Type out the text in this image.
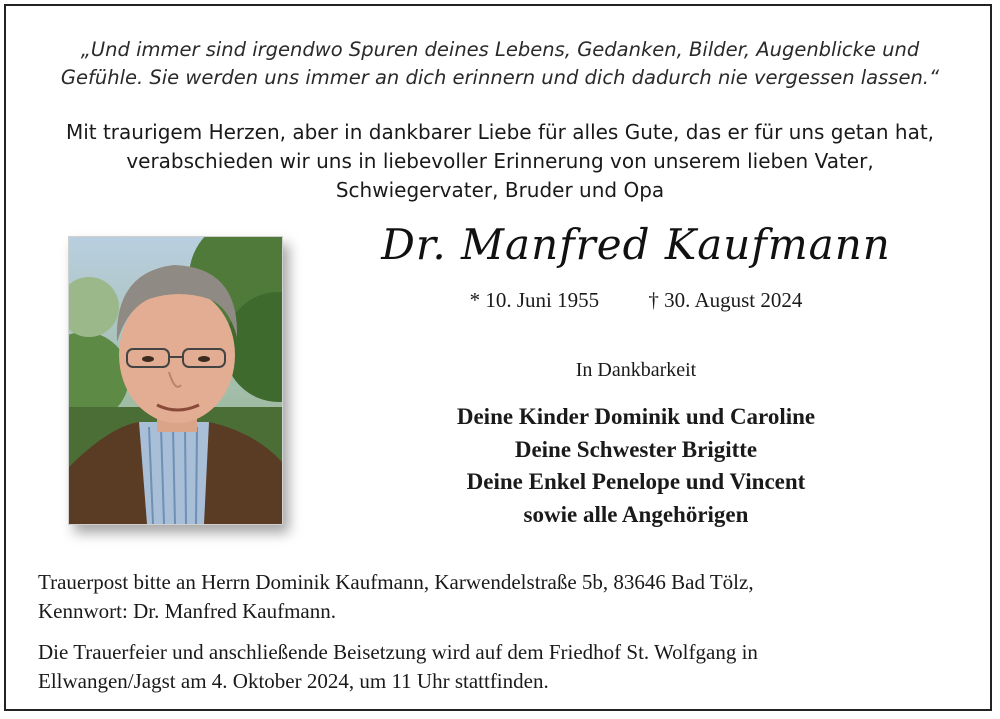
„Und immer sind irgendwo Spuren deines Lebens, Gedanken, Bilder, Augenblicke und
Gefühle. Sie werden uns immer an dich erinnern und dich dadurch nie vergessen lassen.“
Mit traurigem Herzen, aber in dankbarer Liebe für alles Gute, das er für uns getan hat,
verabschieden wir uns in liebevoller Erinnerung von unserem lieben Vater,
Schwiegervater, Bruder und Opa
Dr. Manfred Kaufmann
* 10. Juni 1955 † 30. August 2024
In Dankbarkeit
Deine Kinder Dominik und Caroline
Deine Schwester Brigitte
Deine Enkel Penelope und Vincent
sowie alle Angehörigen

Trauerpost bitte an Herrn Dominik Kaufmann, Karwendelstraße 5b, 83646 Bad Tölz,
Kennwort: Dr. Manfred Kaufmann.

Die Trauerfeier und anschließende Beisetzung wird auf dem Friedhof St. Wolfgang in
Ellwangen/Jagst am 4. Oktober 2024, um 11 Uhr stattfinden.
